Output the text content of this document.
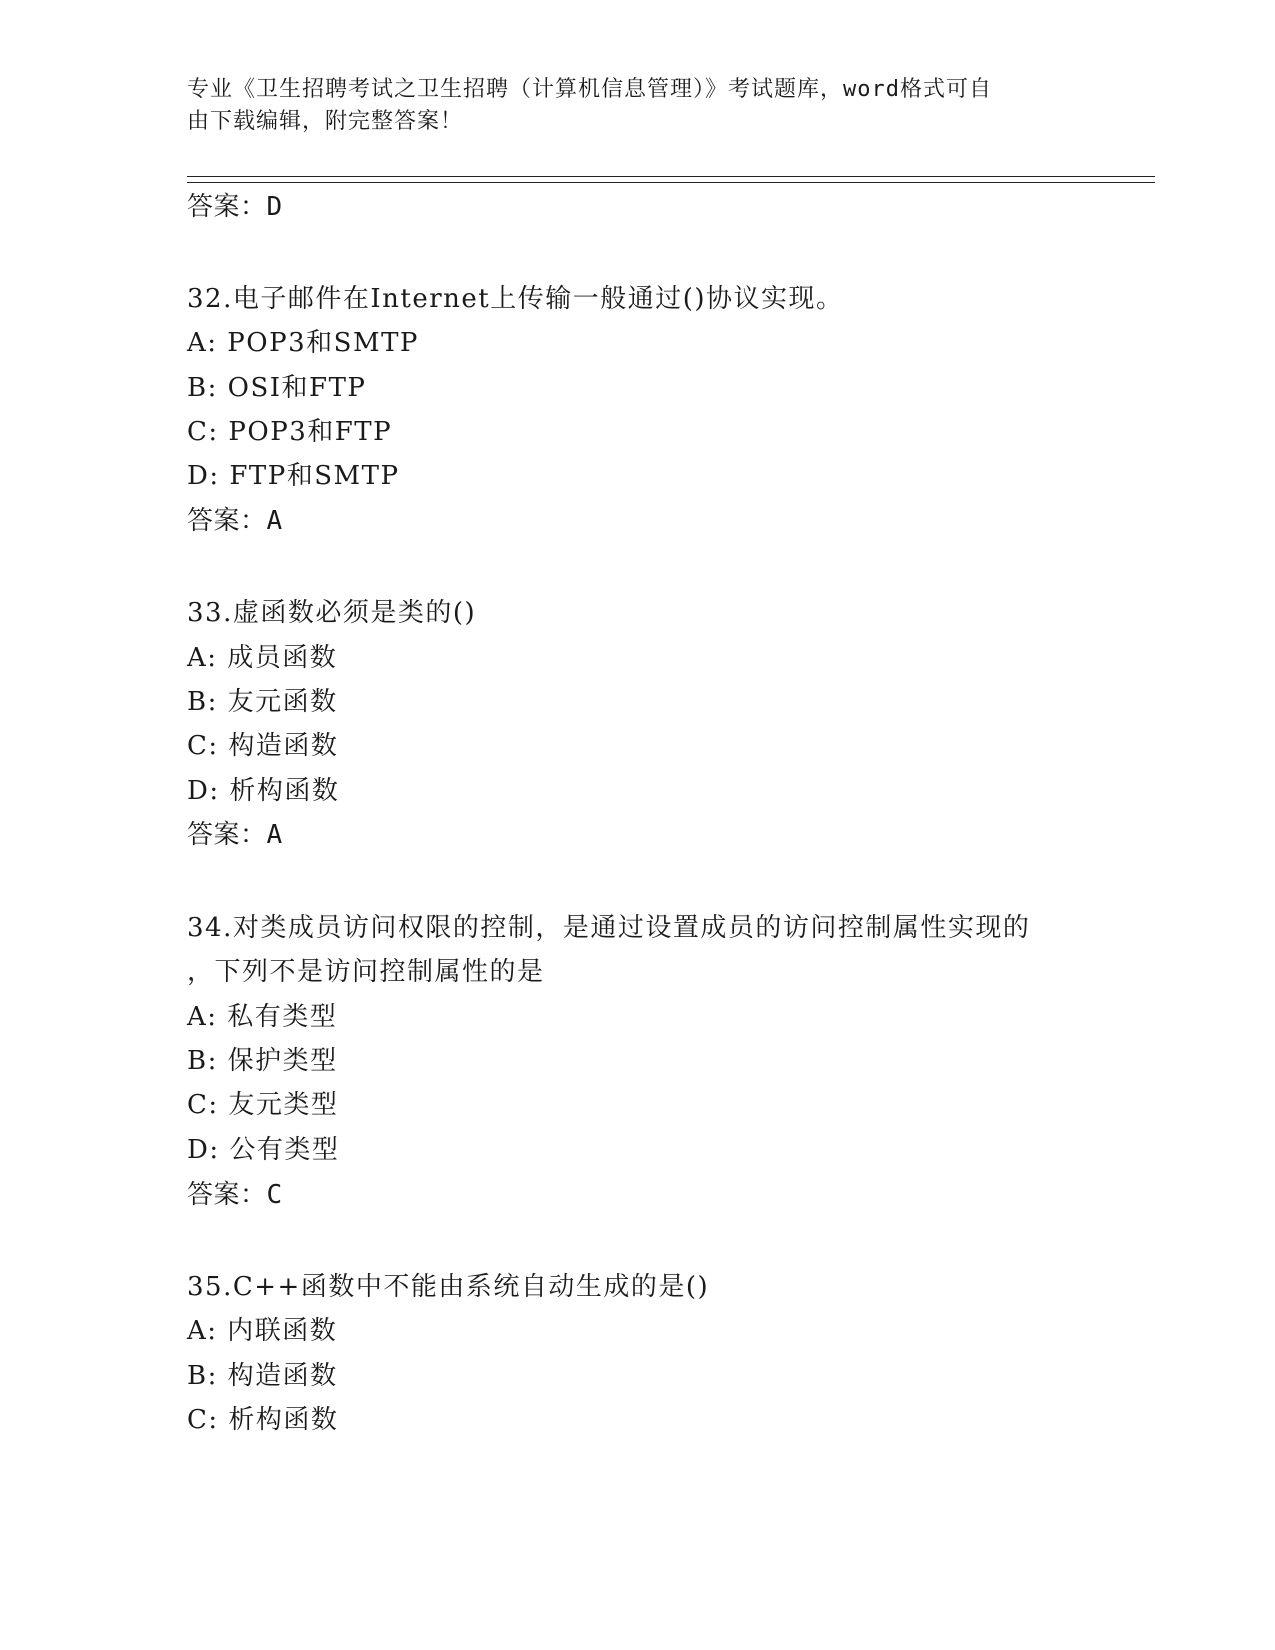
专业《卫生招聘考试之卫生招聘（计算机信息管理）》考试题库，word格式可自
由下载编辑，附完整答案！
答案：D
32.电子邮件在Internet上传输一般通过()协议实现。
A: POP3和SMTP
B: OSI和FTP
C: POP3和FTP
D: FTP和SMTP
答案：A
33.虚函数必须是类的()
A: 成员函数
B: 友元函数
C: 构造函数
D: 析构函数
答案：A
34.对类成员访问权限的控制，是通过设置成员的访问控制属性实现的
，下列不是访问控制属性的是
A: 私有类型
B: 保护类型
C: 友元类型
D: 公有类型
答案：C
35.C++函数中不能由系统自动生成的是()
A: 内联函数
B: 构造函数
C: 析构函数
